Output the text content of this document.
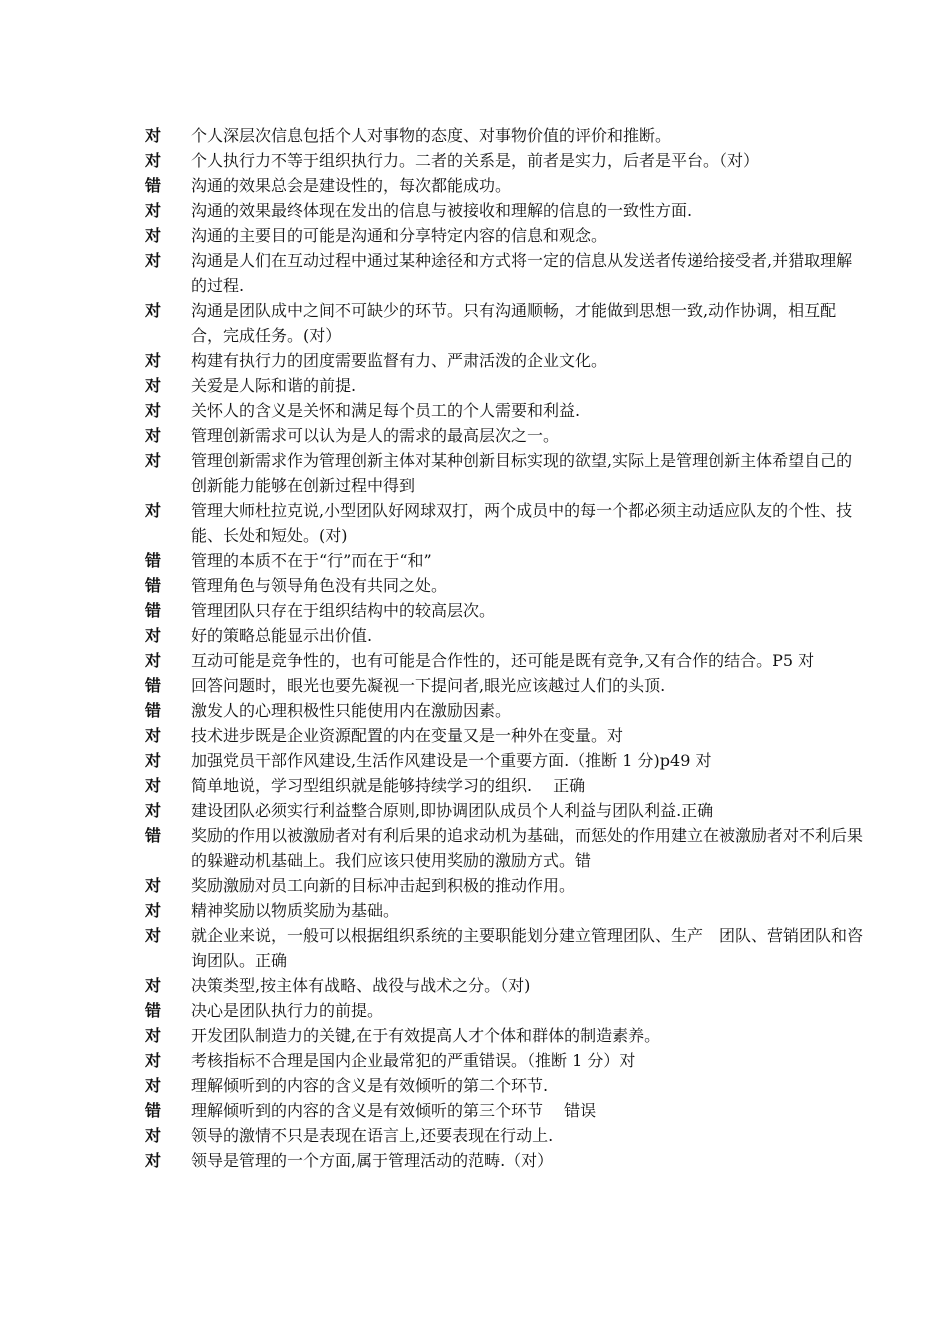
对	个人深层次信息包括个人对事物的态度、对事物价值的评价和推断。
对	个人执行力不等于组织执行力。二者的关系是，前者是实力，后者是平台。（对）
错	沟通的效果总会是建设性的，每次都能成功。
对	沟通的效果最终体现在发出的信息与被接收和理解的信息的一致性方面.
对	沟通的主要目的可能是沟通和分享特定内容的信息和观念。
对	沟通是人们在互动过程中通过某种途径和方式将一定的信息从发送者传递给接受者,并猎取理解的过程.
对	沟通是团队成中之间不可缺少的环节。只有沟通顺畅，才能做到思想一致,动作协调，相互配合，完成任务。(对）
对	构建有执行力的团度需要监督有力、严肃活泼的企业文化。
对	关爱是人际和谐的前提.
对	关怀人的含义是关怀和满足每个员工的个人需要和利益.
对	管理创新需求可以认为是人的需求的最高层次之一。
对	管理创新需求作为管理创新主体对某种创新目标实现的欲望,实际上是管理创新主体希望自己的创新能力能够在创新过程中得到
对	管理大师杜拉克说,小型团队好网球双打，两个成员中的每一个都必须主动适应队友的个性、技能、长处和短处。(对)
错	管理的本质不在于“行”而在于“和”
错	管理角色与领导角色没有共同之处。
错	管理团队只存在于组织结构中的较高层次。
对	好的策略总能显示出价值.
对	互动可能是竞争性的，也有可能是合作性的，还可能是既有竞争,又有合作的结合。P5 对
错	回答问题时，眼光也要先凝视一下提问者,眼光应该越过人们的头顶.
错	激发人的心理积极性只能使用内在激励因素。
对	技术进步既是企业资源配置的内在变量又是一种外在变量。对
对	加强党员干部作风建设,生活作风建设是一个重要方面.（推断 1 分)p49 对
对	简单地说，学习型组织就是能够持续学习的组织.　 正确
对	建设团队必须实行利益整合原则,即协调团队成员个人利益与团队利益.正确
错	奖励的作用以被激励者对有利后果的追求动机为基础，而惩处的作用建立在被激励者对不利后果的躲避动机基础上。我们应该只使用奖励的激励方式。错
对	奖励激励对员工向新的目标冲击起到积极的推动作用。
对	精神奖励以物质奖励为基础。
对	就企业来说，一般可以根据组织系统的主要职能划分建立管理团队、生产　团队、营销团队和咨询团队。正确
对	决策类型,按主体有战略、战役与战术之分。（对)
错	决心是团队执行力的前提。
对	开发团队制造力的关键,在于有效提高人才个体和群体的制造素养。
对	考核指标不合理是国内企业最常犯的严重错误。（推断 1 分）对
对	理解倾听到的内容的含义是有效倾听的第二个环节.
错	理解倾听到的内容的含义是有效倾听的第三个环节　 错误
对	领导的激情不只是表现在语言上,还要表现在行动上.
对	领导是管理的一个方面,属于管理活动的范畴.（对）
